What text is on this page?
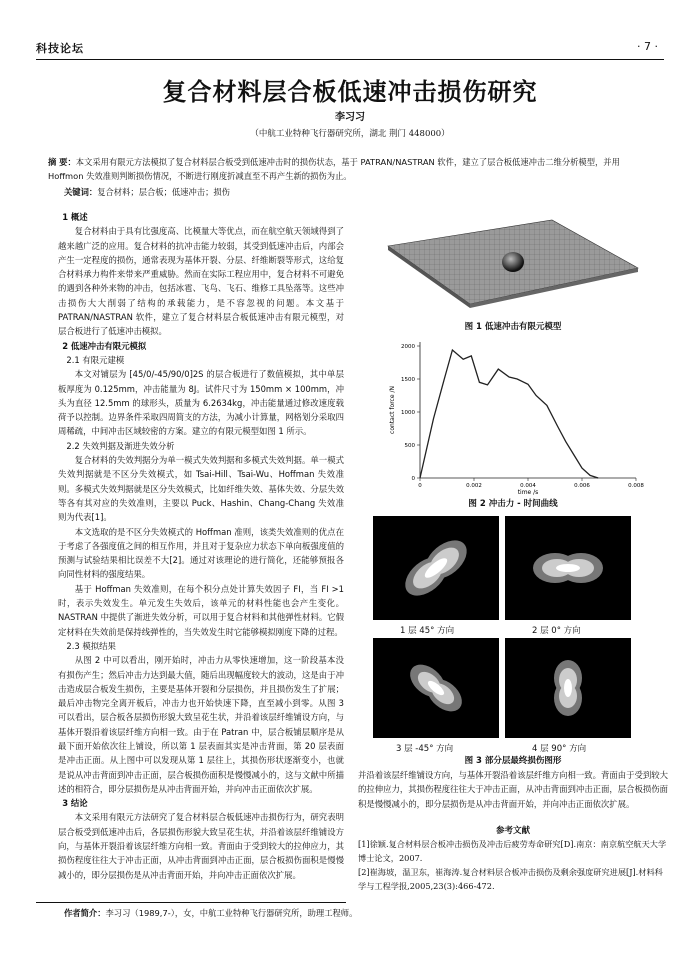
科技论坛	· 7 ·
复合材料层合板低速冲击损伤研究
李习习
（中航工业特种飞行器研究所，湖北 荆门 448000）
摘 要：本文采用有限元方法模拟了复合材料层合板受到低速冲击时的损伤状态，基于 PATRAN/NASTRAN 软件，建立了层合板低速冲击二维分析模型，并用 Hoffmon 失效准则判断损伤情况，不断进行刚度折减直至不再产生新的损伤为止。
关键词：复合材料；层合板；低速冲击；损伤

1 概述

复合材料由于具有比强度高、比模量大等优点，而在航空航天领域得到了越来越广泛的应用。复合材料的抗冲击能力较弱，其受到低速冲击后，内部会产生一定程度的损伤，通常表现为基体开裂、分层、纤维断裂等形式，这给复合材料承力构件来带来严重威胁。然而在实际工程应用中，复合材料不可避免的遇到各种外来物的冲击，包括冰雹、飞鸟、飞石、维修工具坠落等。这些冲击损伤大大削弱了结构的承载能力，是不容忽视的问题。本文基于 PATRAN/NASTRAN 软件，建立了复合材料层合板低速冲击有限元模型，对层合板进行了低速冲击模拟。

2 低速冲击有限元模拟

2.1 有限元建模

本文对铺层为 [45/0/-45/90/0]2S 的层合板进行了数值模拟，其中单层板厚度为 0.125mm，冲击能量为 8J。试件尺寸为 150mm × 100mm，冲头为直径 12.5mm 的球形头，质量为 6.2634kg，冲击能量通过修改速度载荷予以控制。边界条件采取四周简支的方法，为减小计算量，网格划分采取四周稀疏，中间冲击区域较密的方案。建立的有限元模型如图 1 所示。

2.2 失效判据及渐进失效分析

复合材料的失效判据分为单一模式失效判据和多模式失效判据。单一模式失效判据就是不区分失效模式，如 Tsai-Hill、Tsai-Wu、Hoffman 失效准则。多模式失效判据就是区分失效模式，比如纤维失效、基体失效、分层失效等各有其对应的失效准则，主要以 Puck、Hashin、Chang-Chang 失效准则为代表[1]。

本文选取的是不区分失效模式的 Hoffman 准则，该类失效准则的优点在于考虑了各强度值之间的相互作用，并且对于复杂应力状态下单向板强度值的预测与试验结果相比误差不大[2]。通过对该理论的进行简化，还能够预报各向同性材料的强度结果。

基于 Hoffman 失效准则，在每个积分点处计算失效因子 FI，当 FI >1 时，表示失效发生。单元发生失效后，该单元的材料性能也会产生变化。NASTRAN 中提供了渐进失效分析，可以用于复合材料和其他弹性材料。它假定材料在失效前是保持线弹性的，当失效发生时它能够模拟刚度下降的过程。

2.3 模拟结果

从图 2 中可以看出，刚开始时，冲击力从零快速增加，这一阶段基本没有损伤产生；然后冲击力达到最大值，随后出现幅度较大的波动，这是由于冲击造成层合板发生损伤，主要是基体开裂和分层损伤，并且损伤发生了扩展；最后冲击物完全离开板后，冲击力也开始快速下降，直至减小到零。从图 3 可以看出，层合板各层损伤形貌大致呈花生状，并沿着该层纤维铺设方向，与基体开裂沿着该层纤维方向相一致。由于在 Patran 中，层合板铺层顺序是从最下面开始依次往上铺设，所以第 1 层表面其实是冲击背面，第 20 层表面是冲击正面。从上图中可以发现从第 1 层往上，其损伤形状逐渐变小，也就是说从冲击背面到冲击正面，层合板损伤面积是慢慢减小的，这与文献中所描述的相符合，即分层损伤是从冲击背面开始，并向冲击正面依次扩展。

3 结论

本文采用有限元方法研究了复合材料层合板低速冲击损伤行为，研究表明层合板受到低速冲击后，各层损伤形貌大致呈花生状，并沿着该层纤维铺设方向，与基体开裂沿着该层纤维方向相一致。背面由于受到较大的拉伸应力，其损伤程度往往大于冲击正面，从冲击背面到冲击正面，层合板损伤面积是慢慢减小的，即分层损伤是从冲击背面开始，并向冲击正面依次扩展。

图 1 低速冲击有限元模型
0	0.002	0.004	0.006	0.008
0
500
1000
1500
2000
time /s
contact force /N
图 2 冲击力 - 时间曲线
1 层 45° 方向	2 层 0° 方向
3 层 -45° 方向	4 层 90° 方向
图 3 部分层最终损伤图形

并沿着该层纤维铺设方向，与基体开裂沿着该层纤维方向相一致。背面由于受到较大的拉伸应力，其损伤程度往往大于冲击正面，从冲击背面到冲击正面，层合板损伤面积是慢慢减小的，即分层损伤是从冲击背面开始，并向冲击正面依次扩展。

参考文献

[1]徐颖.复合材料层合板冲击损伤及冲击后疲劳寿命研究[D].南京：南京航空航天大学博士论文，2007.

[2]崔海坡，温卫东，崔海涛.复合材料层合板冲击损伤及剩余强度研究进展[J].材料科学与工程学报,2005,23(3):466-472.

作者简介：李习习（1989,7-），女，中航工业特种飞行器研究所，助理工程师。
